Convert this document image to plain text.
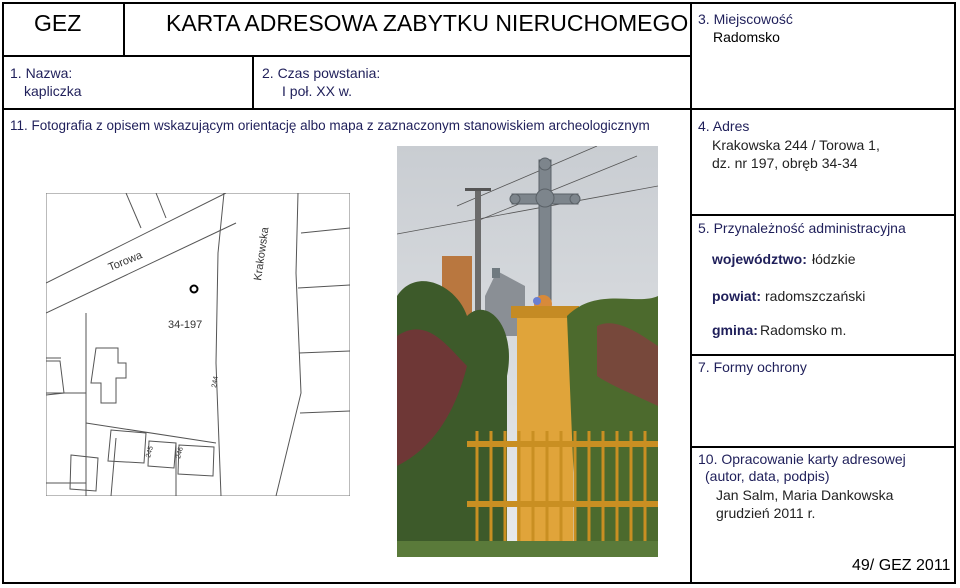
GEZ	KARTA ADRESOWA ZABYTKU NIERUCHOMEGO 3. Miejscowość
Radomsko
1. Nazwa:
kapliczka
2. Czas powstania:
I poł. XX w.
11. Fotografia z opisem wskazującym orientację albo mapa z zaznaczonym stanowiskiem archeologicznym	4. Adres
Krakowska 244 / Torowa 1,
dz. nr 197, obręb 34-34
5. Przynależność administracyjna
województwo: łódzkie
powiat: radomszczański
gmina: Radomsko m.
7. Formy ochrony
10. Opracowanie karty adresowej
(autor, data, podpis)
Jan Salm, Maria Dankowska
grudzień 2011 r.
49/ GEZ 2011
Torowa	Krakowska
34-197
244
245	246
